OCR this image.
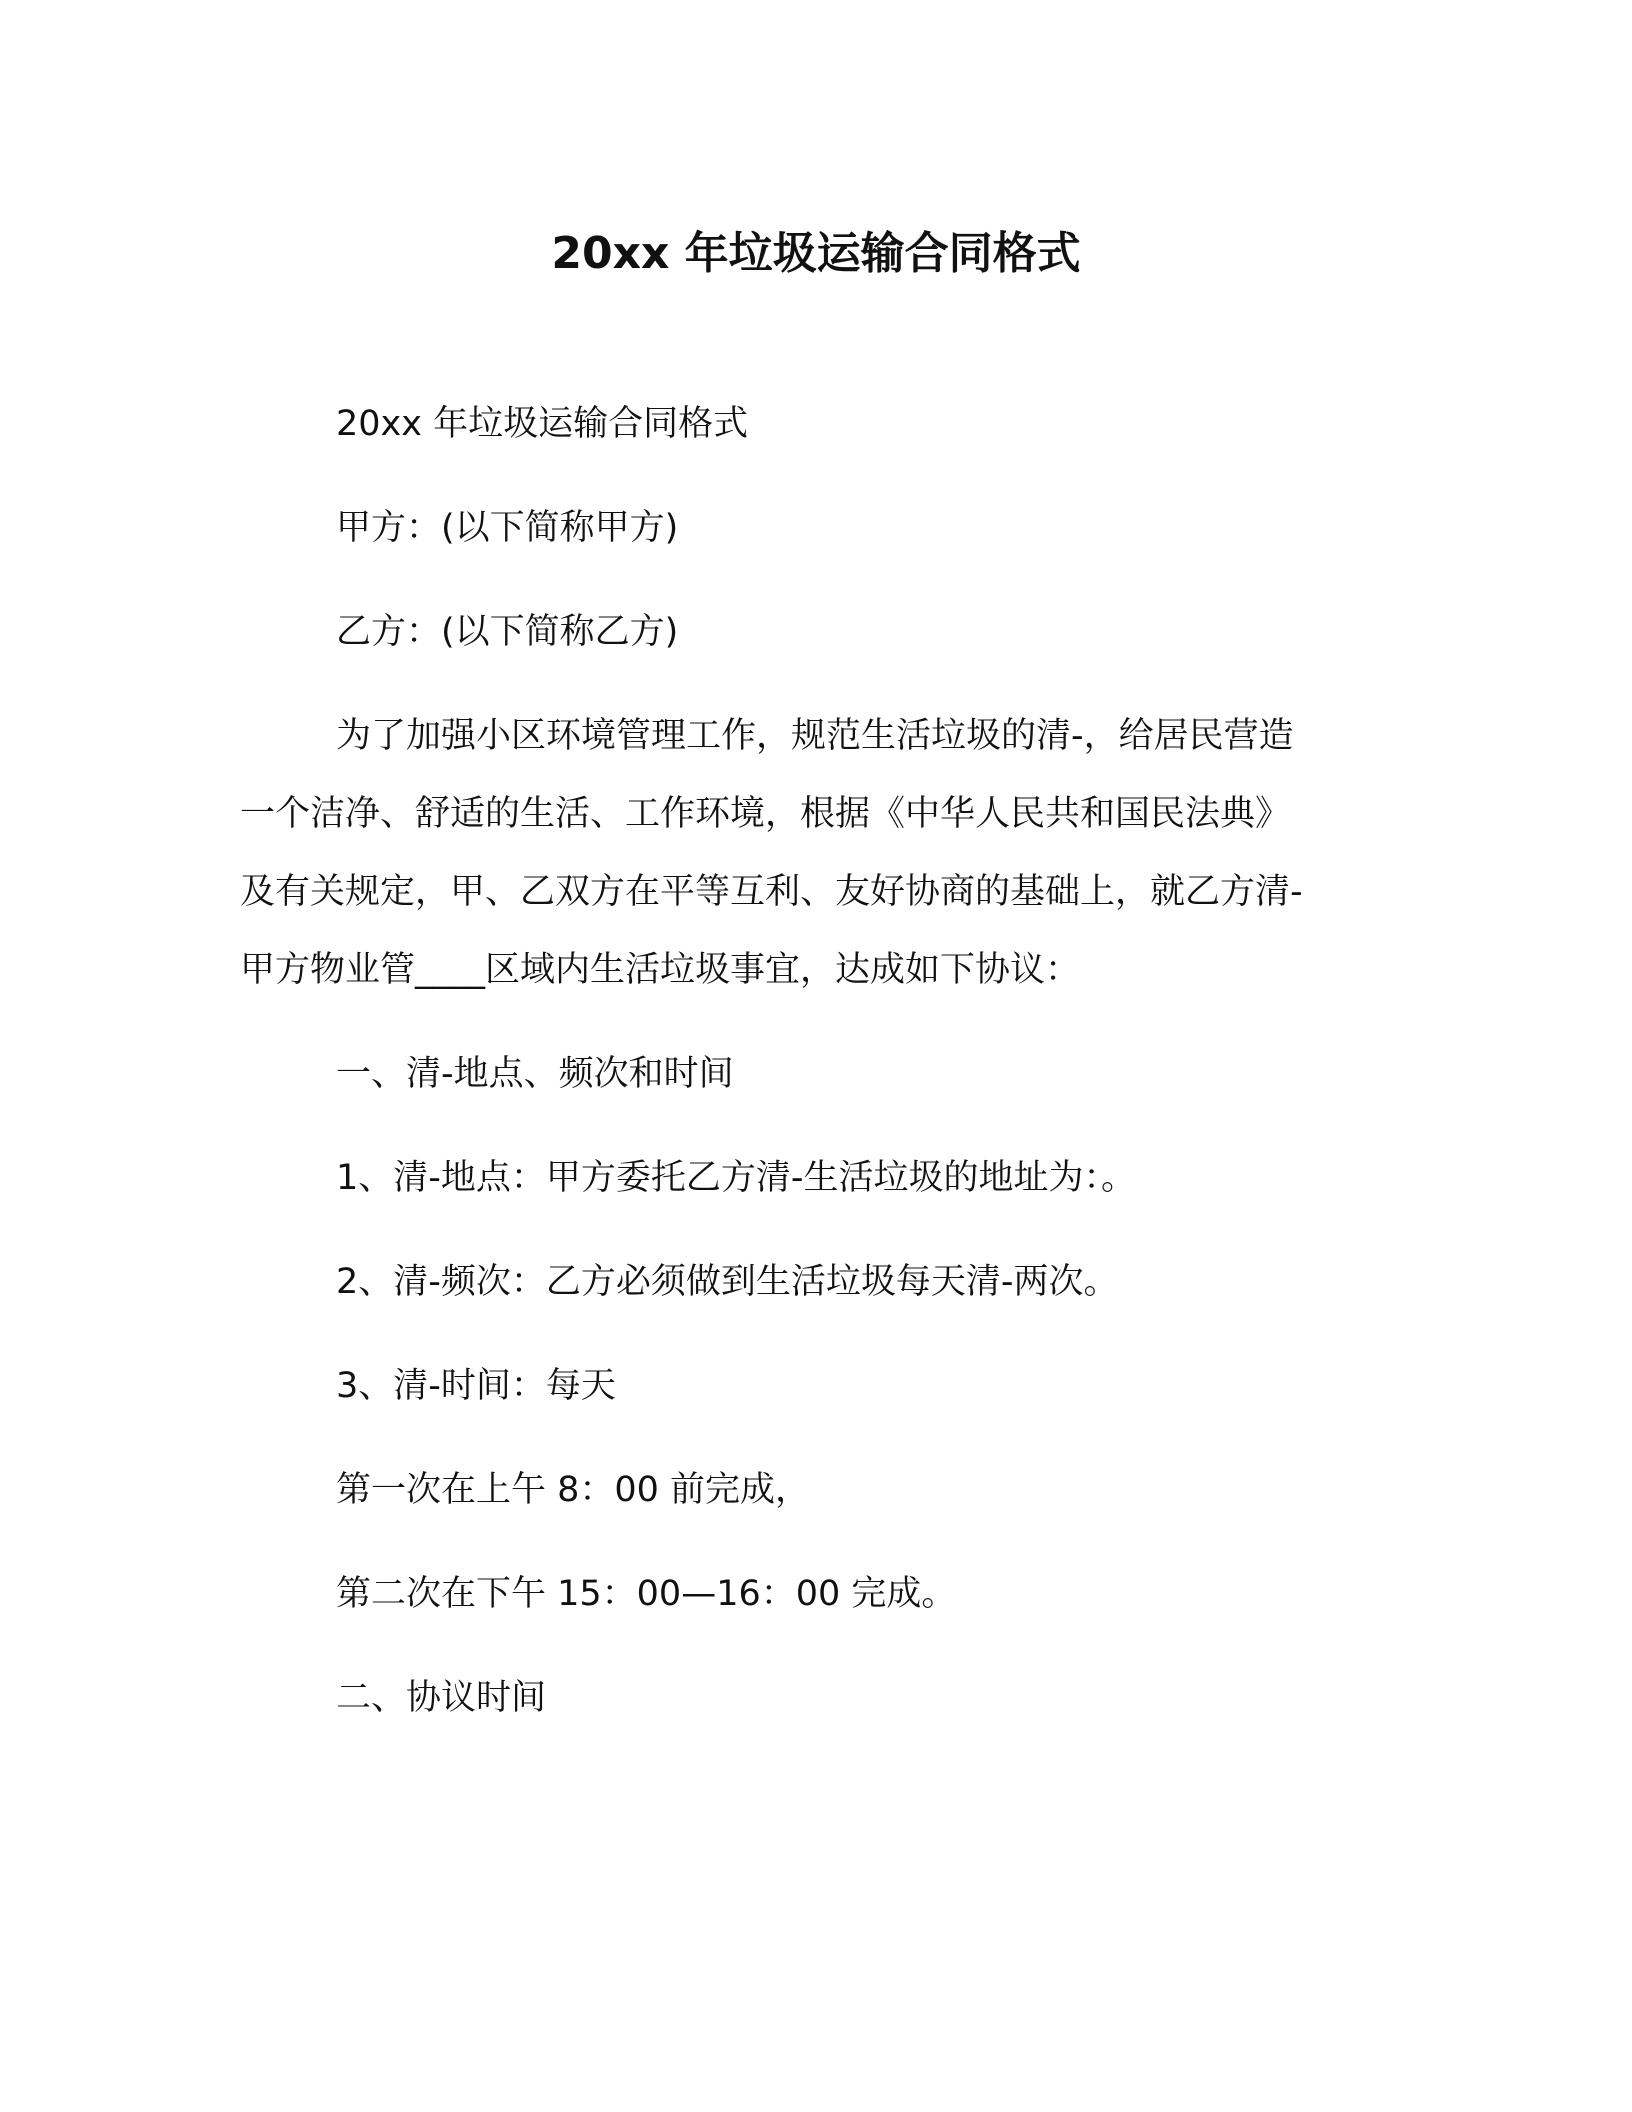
20xx 年垃圾运输合同格式

20xx 年垃圾运输合同格式

甲方：(以下简称甲方)

乙方：(以下简称乙方)

为了加强小区环境管理工作，规范生活垃圾的清-，给居民营造

一个洁净、舒适的生活、工作环境，根据《中华人民共和国民法典》

及有关规定，甲、乙双方在平等互利、友好协商的基础上，就乙方清-

甲方物业管____区域内生活垃圾事宜，达成如下协议：

一、清-地点、频次和时间

1、清-地点：甲方委托乙方清-生活垃圾的地址为：。

2、清-频次：乙方必须做到生活垃圾每天清-两次。

3、清-时间：每天

第一次在上午 8：00 前完成，

第二次在下午 15：00—16：00 完成。

二、协议时间
